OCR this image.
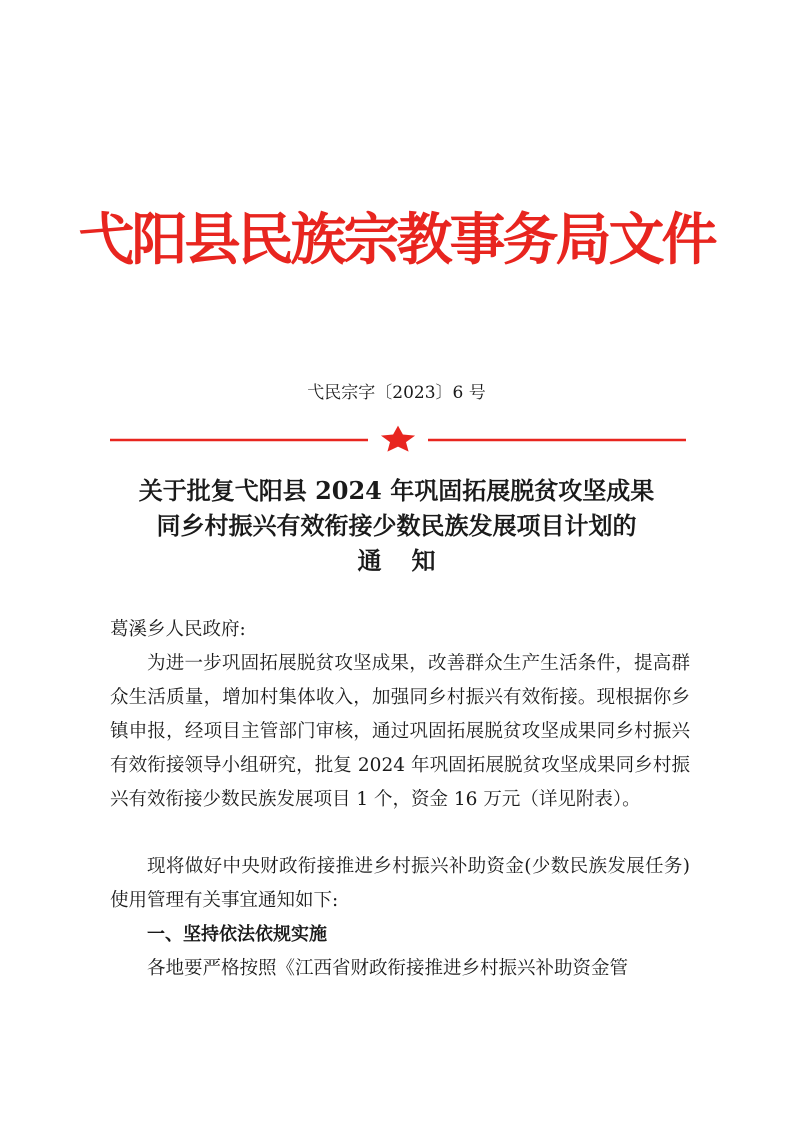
弋阳县民族宗教事务局文件
弋民宗字〔2023〕6 号
关于批复弋阳县 2024 年巩固拓展脱贫攻坚成果
同乡村振兴有效衔接少数民族发展项目计划的
通知
葛溪乡人民政府:
为进一步巩固拓展脱贫攻坚成果，改善群众生产生活条件，提高群众生活质量，增加村集体收入，加强同乡村振兴有效衔接。现根据你乡镇申报，经项目主管部门审核，通过巩固拓展脱贫攻坚成果同乡村振兴有效衔接领导小组研究，批复 2024 年巩固拓展脱贫攻坚成果同乡村振兴有效衔接少数民族发展项目 1 个，资金 16 万元（详见附表）。
现将做好中央财政衔接推进乡村振兴补助资金(少数民族发展任务)使用管理有关事宜通知如下:
一、坚持依法依规实施
各地要严格按照《江西省财政衔接推进乡村振兴补助资金管
